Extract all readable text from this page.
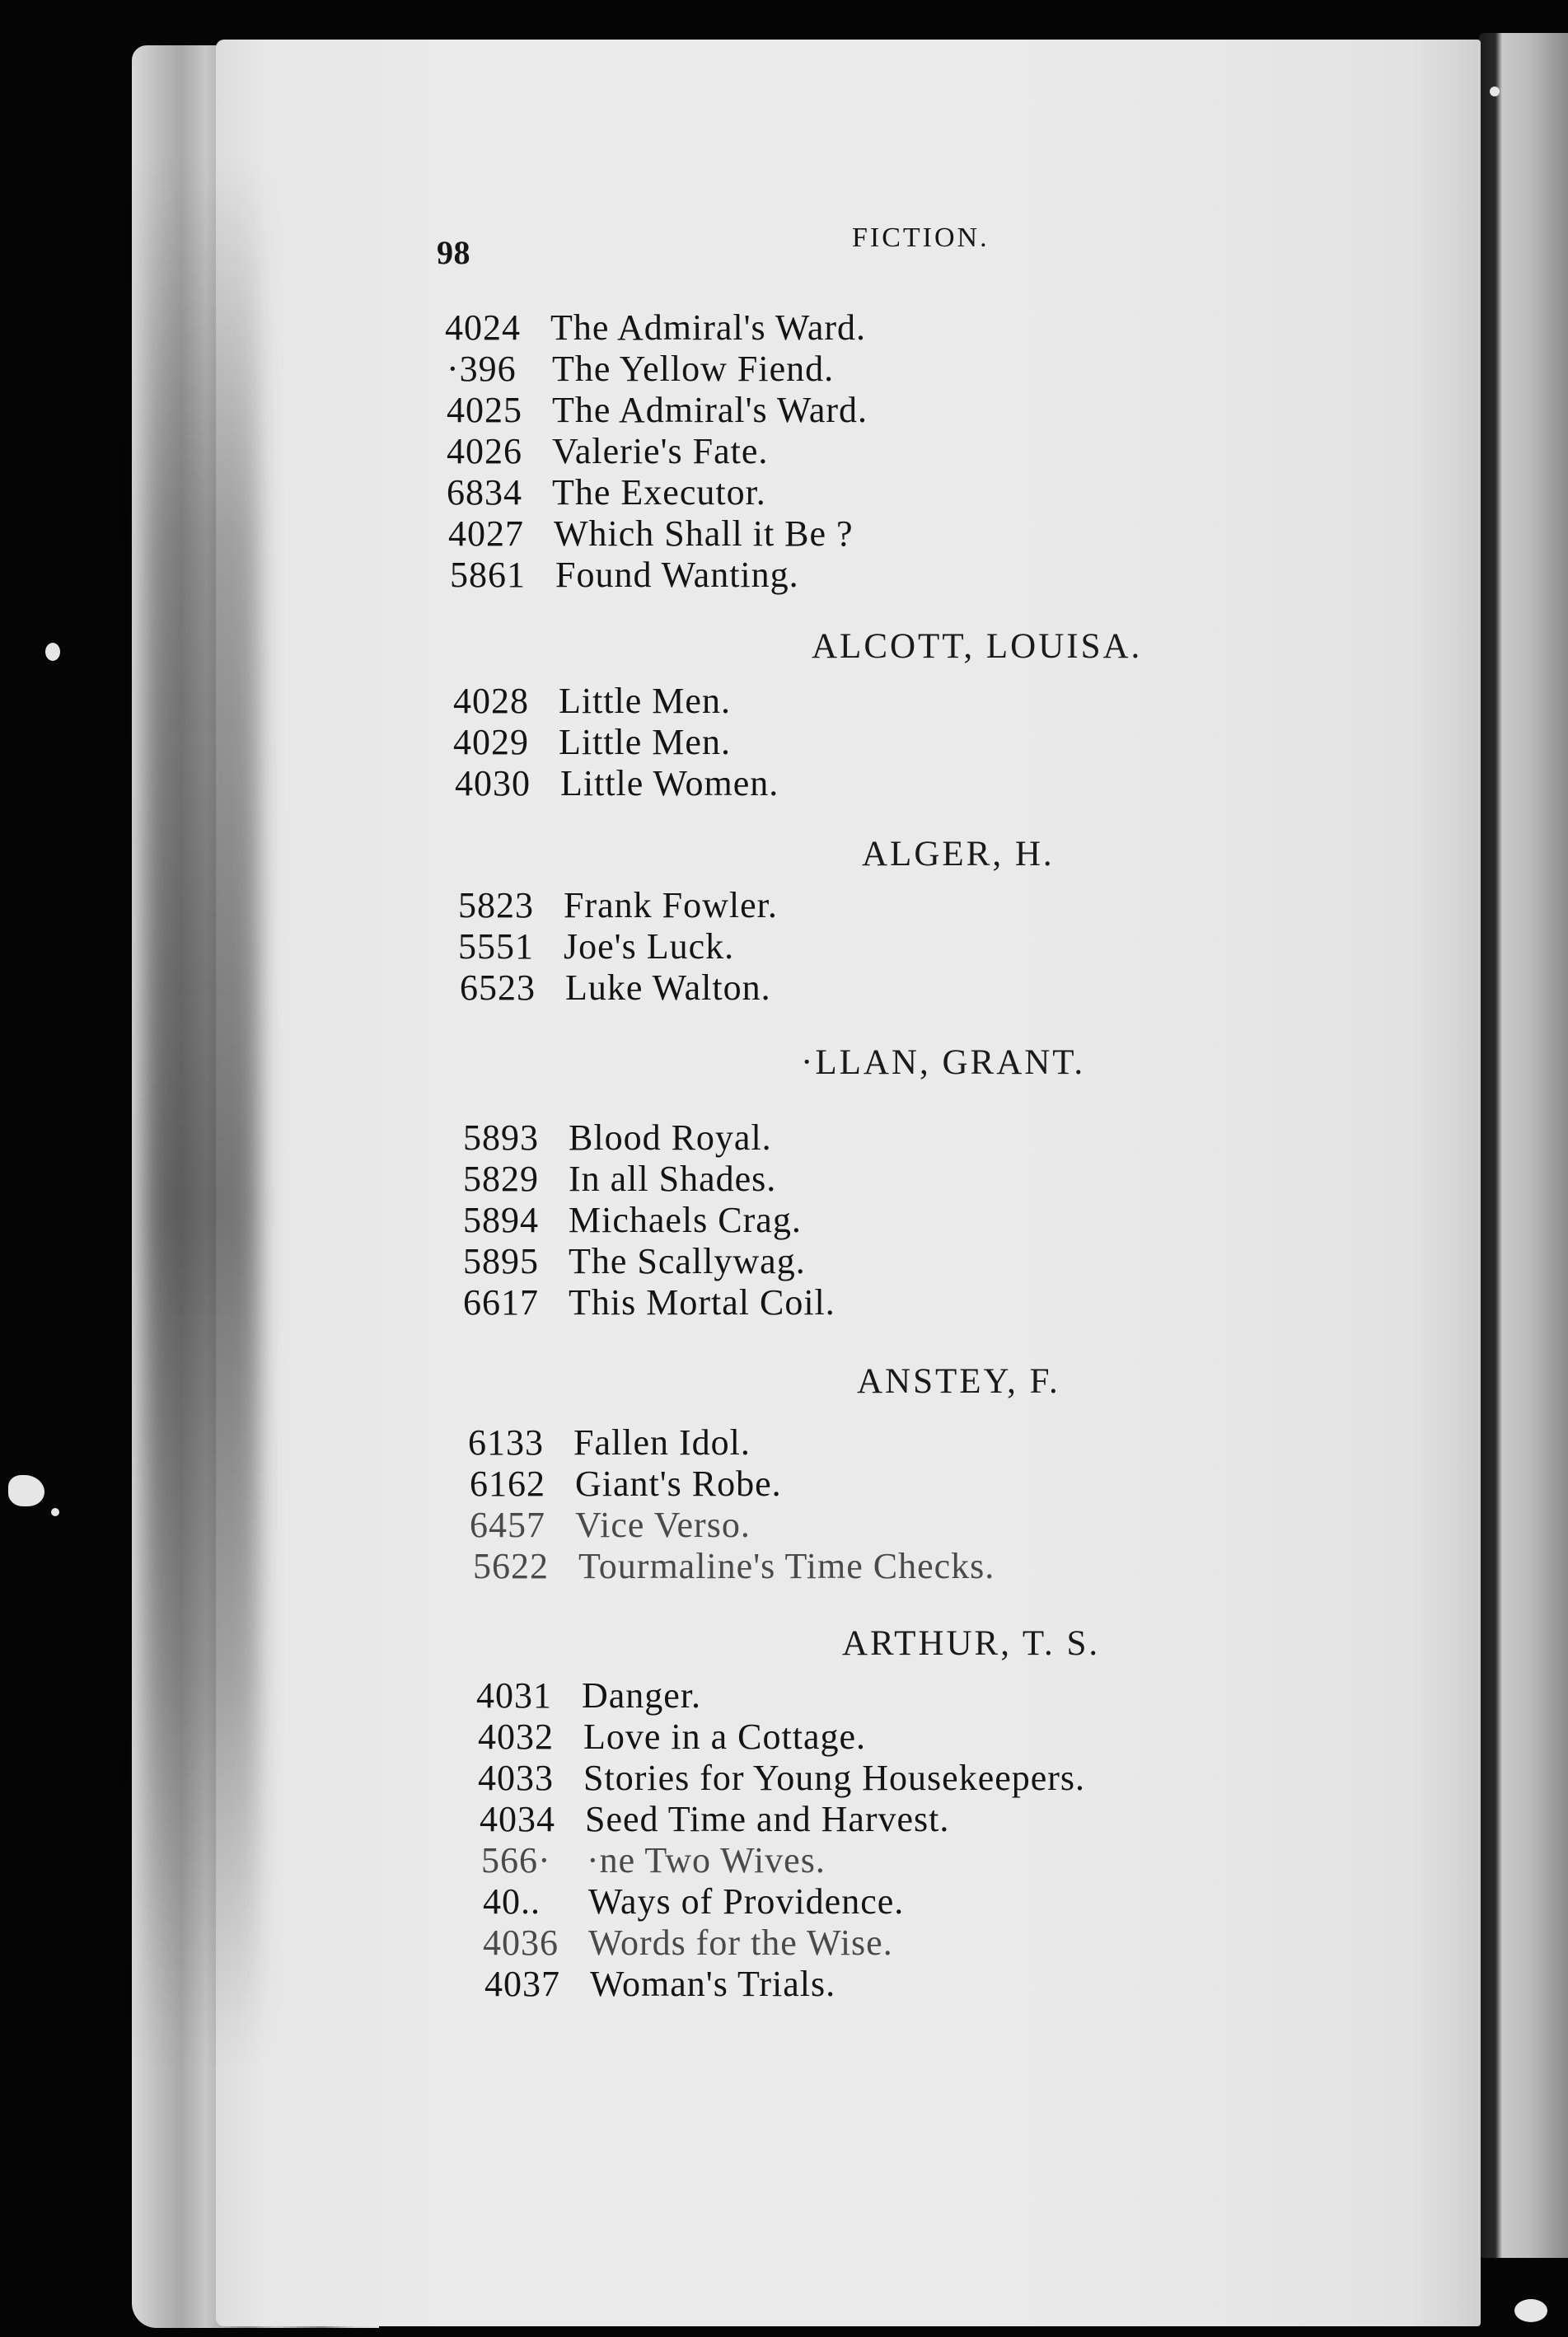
98	FICTION.
4024 The Admiral's Ward.
·396 The Yellow Fiend.
4025 The Admiral's Ward.
4026 Valerie's Fate.
6834 The Executor.
4027 Which Shall it Be ?
5861 Found Wanting.
ALCOTT, LOUISA.
4028 Little Men.
4029 Little Men.
4030 Little Women.
ALGER, H.
5823 Frank Fowler.
5551 Joe's Luck.
6523 Luke Walton.
·LLAN, GRANT.
5893 Blood Royal.
5829 In all Shades.
5894 Michaels Crag.
5895 The Scallywag.
6617 This Mortal Coil.
ANSTEY, F.
6133 Fallen Idol.
6162 Giant's Robe.
6457 Vice Verso.
5622 Tourmaline's Time Checks.
ARTHUR, T. S.
4031 Danger.
4032 Love in a Cottage.
4033 Stories for Young Housekeepers.
4034 Seed Time and Harvest.
566· ·ne Two Wives.
40.. Ways of Providence.
4036 Words for the Wise.
4037 Woman's Trials.
